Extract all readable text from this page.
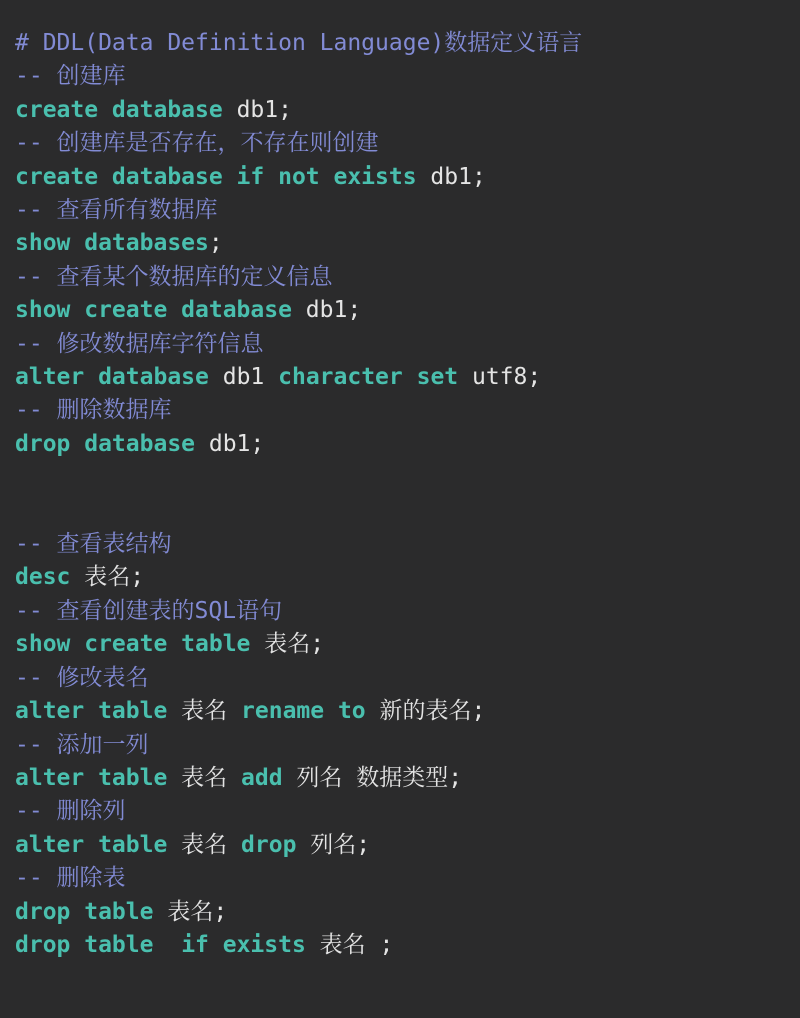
# DDL(Data Definition Language)数据定义语言
-- 创建库
create database db1;
-- 创建库是否存在，不存在则创建
create database if not exists db1;
-- 查看所有数据库
show databases;
-- 查看某个数据库的定义信息
show create database db1;
-- 修改数据库字符信息
alter database db1 character set utf8;
-- 删除数据库
drop database db1;
-- 查看表结构
desc 表名;
-- 查看创建表的SQL语句
show create table 表名;
-- 修改表名
alter table 表名 rename to 新的表名;
-- 添加一列
alter table 表名 add 列名 数据类型;
-- 删除列
alter table 表名 drop 列名;
-- 删除表
drop table 表名;
drop table if exists 表名 ;
